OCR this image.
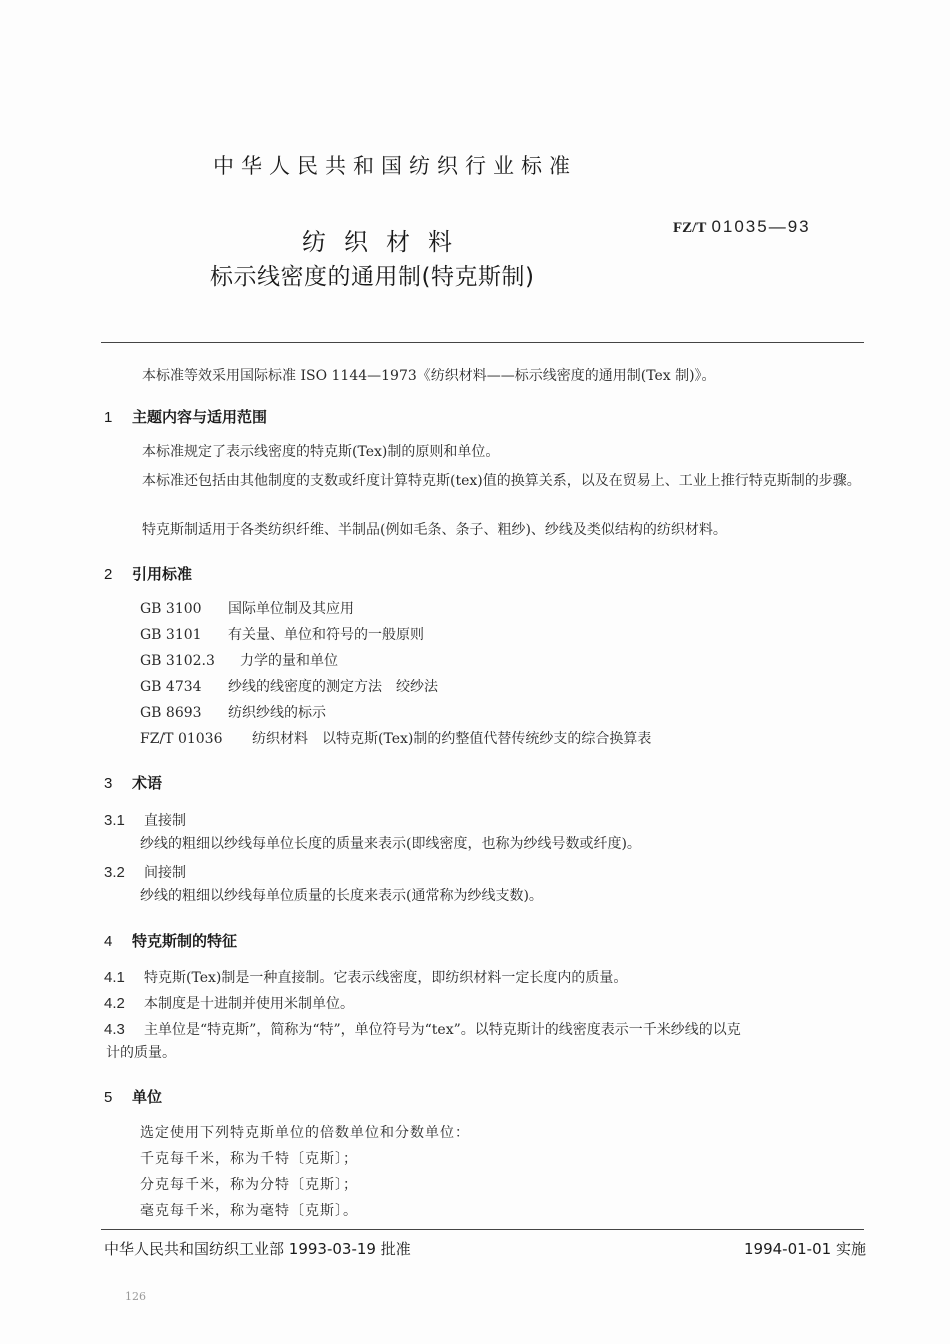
中华人民共和国纺织行业标准
纺织材料
标示线密度的通用制(特克斯制)
FZ/T 01035—93
本标准等效采用国际标准 ISO 1144—1973《纺织材料——标示线密度的通用制(Tex 制)》。
1 主题内容与适用范围
本标准规定了表示线密度的特克斯(Tex)制的原则和单位。
本标准还包括由其他制度的支数或纤度计算特克斯(tex)值的换算关系，以及在贸易上、工业上推行特克斯制的步骤。
特克斯制适用于各类纺织纤维、半制品(例如毛条、条子、粗纱)、纱线及类似结构的纺织材料。
2 引用标准
GB 3100 国际单位制及其应用
GB 3101 有关量、单位和符号的一般原则
GB 3102.3 力学的量和单位
GB 4734 纱线的线密度的测定方法　绞纱法
GB 8693 纺织纱线的标示
FZ/T 01036 纺织材料　以特克斯(Tex)制的约整值代替传统纱支的综合换算表
3 术语
3.1 直接制
纱线的粗细以纱线每单位长度的质量来表示(即线密度，也称为纱线号数或纤度)。
3.2 间接制
纱线的粗细以纱线每单位质量的长度来表示(通常称为纱线支数)。
4 特克斯制的特征
4.1 特克斯(Tex)制是一种直接制。它表示线密度，即纺织材料一定长度内的质量。
4.2 本制度是十进制并使用米制单位。
4.3 主单位是“特克斯”，简称为“特”，单位符号为“tex”。以特克斯计的线密度表示一千米纱线的以克
计的质量。
5 单位
选定使用下列特克斯单位的倍数单位和分数单位：
千克每千米，称为千特〔克斯〕；
分克每千米，称为分特〔克斯〕；
毫克每千米，称为毫特〔克斯〕。
中华人民共和国纺织工业部 1993-03-19 批准	1994-01-01 实施
126
